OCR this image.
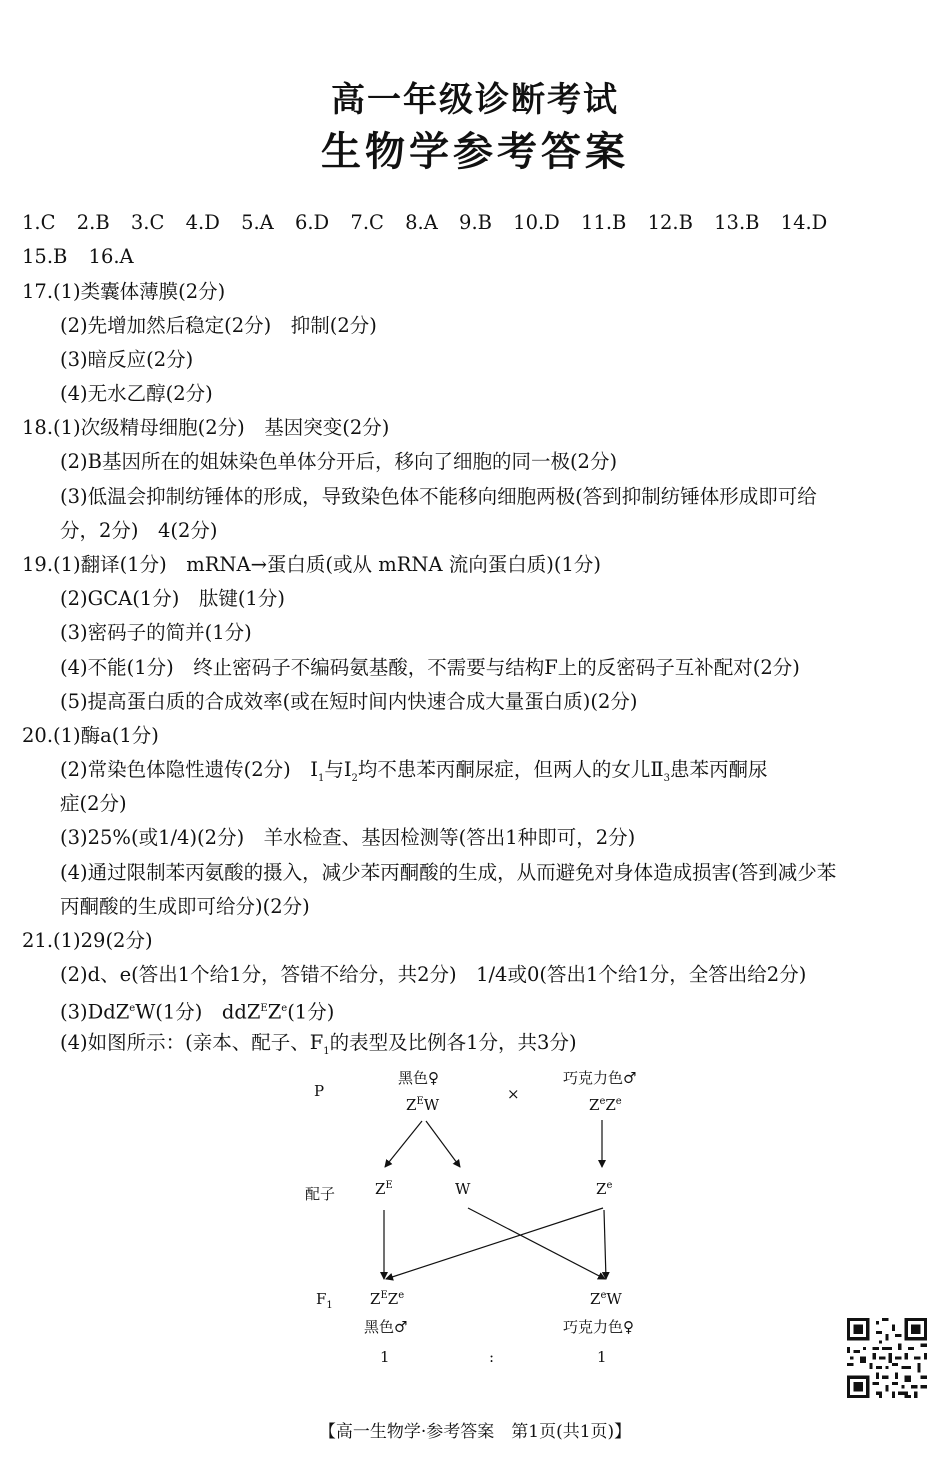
高一年级诊断考试
生物学参考答案
1.C 2.B 3.C 4.D 5.A 6.D 7.C 8.A 9.B 10.D 11.B 12.B 13.B 14.D
15.B 16.A
17.(1)类囊体薄膜(2分)
(2)先增加然后稳定(2分)　抑制(2分)
(3)暗反应(2分)
(4)无水乙醇(2分)
18.(1)次级精母细胞(2分)　基因突变(2分)
(2)B基因所在的姐妹染色单体分开后，移向了细胞的同一极(2分)
(3)低温会抑制纺锤体的形成，导致染色体不能移向细胞两极(答到抑制纺锤体形成即可给
分，2分)　4(2分)
19.(1)翻译(1分)　mRNA→蛋白质(或从 mRNA 流向蛋白质)(1分)
(2)GCA(1分)　肽键(1分)
(3)密码子的简并(1分)
(4)不能(1分)　终止密码子不编码氨基酸，不需要与结构F上的反密码子互补配对(2分)
(5)提高蛋白质的合成效率(或在短时间内快速合成大量蛋白质)(2分)
20.(1)酶a(1分)
(2)常染色体隐性遗传(2分)　$Ⅰ_1$与$Ⅰ_2$均不患苯丙酮尿症，但两人的女儿$Ⅱ_3$患苯丙酮尿
症(2分)
(3)25%(或1/4)(2分)　羊水检查、基因检测等(答出1种即可，2分)
(4)通过限制苯丙氨酸的摄入，减少苯丙酮酸的生成，从而避免对身体造成损害(答到减少苯
丙酮酸的生成即可给分)(2分)
21.(1)29(2分)
(2)d、e(答出1个给1分，答错不给分，共2分)　1/4或0(答出1个给1分，全答出给2分)
(3)DdZ$^e$W(1分)　$ddZ^EZ^e(1$分)
(4)如图所示：(亲本、配子、$F_1$的表型及比例各1分，共3分)
P
黑色♀
$Z^EW$
×
巧克力色♂
$Z^eZ^e$
配子	$Z^E$	W	$Z^e$
$F_1$ $Z^EZ^e$
黑色♂
$Z^eW$
巧克力色♀
1	:	1
【高一生物学·参考答案　第1页(共1页)】
